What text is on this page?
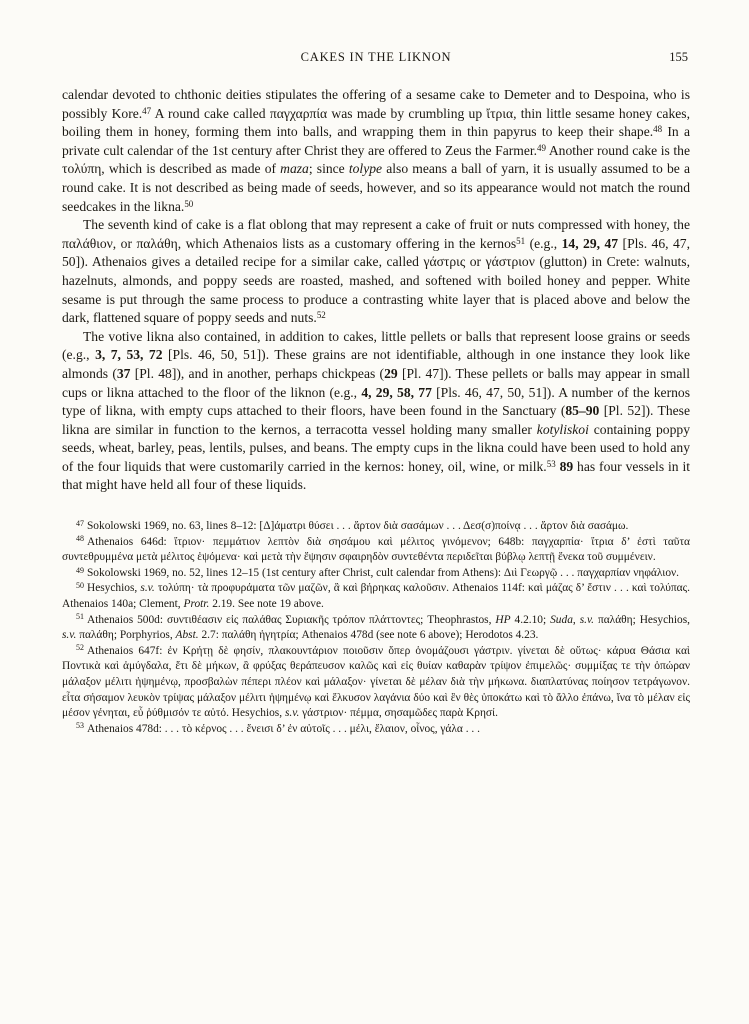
CAKES IN THE LIKNON	155

calendar devoted to chthonic deities stipulates the offering of a sesame cake to Demeter and to Despoina, who is possibly Kore.$^{47}$ A round cake called παγχαρπία was made by crumbling up ἴτρια, thin little sesame honey cakes, boiling them in honey, forming them into balls, and wrapping them in thin papyrus to keep their shape.$^{48}$ In a private cult calendar of the 1st century after Christ they are offered to Zeus the Farmer.$^{49}$ Another round cake is the τολύπη, which is described as made of maza; since tolype also means a ball of yarn, it is usually assumed to be a round cake. It is not described as being made of seeds, however, and so its appearance would not match the round seedcakes in the likna.$^{50}$

The seventh kind of cake is a flat oblong that may represent a cake of fruit or nuts compressed with honey, the παλάθιον, or παλάθη, which Athenaios lists as a customary offering in the kernos$^{51}$ (e.g., 14, 29, 47 [Pls. 46, 47, 50]). Athenaios gives a detailed recipe for a similar cake, called γάστρις or γάστριον (glutton) in Crete: walnuts, hazelnuts, almonds, and poppy seeds are roasted, mashed, and softened with boiled honey and pepper. White sesame is put through the same process to produce a contrasting white layer that is placed above and below the dark, flattened square of poppy seeds and nuts.$^{52}$

The votive likna also contained, in addition to cakes, little pellets or balls that represent loose grains or seeds (e.g., 3, 7, 53, 72 [Pls. 46, 50, 51]). These grains are not identifiable, although in one instance they look like almonds (37 [Pl. 48]), and in another, perhaps chickpeas (29 [Pl. 47]). These pellets or balls may appear in small cups or likna attached to the floor of the liknon (e.g., 4, 29, 58, 77 [Pls. 46, 47, 50, 51]). A number of the kernos type of likna, with empty cups attached to their floors, have been found in the Sanctuary (85–90 [Pl. 52]). These likna are similar in function to the kernos, a terracotta vessel holding many smaller kotyliskoi containing poppy seeds, wheat, barley, peas, lentils, pulses, and beans. The empty cups in the likna could have been used to hold any of the four liquids that were customarily carried in the kernos: honey, oil, wine, or milk.$^{53}$ 89 has four vessels in it that might have held all four of these liquids.

$^{47}$ Sokolowski 1969, no. 63, lines 8–12: [Δ]άματρι θύσει . . . ἄρτον διὰ σασάμων . . . Δεσ(σ)ποίνᾳ . . . ἄρτον διὰ σασάμω.

$^{48}$ Athenaios 646d: ἴτριον· πεμμάτιον λεπτὸν διὰ σησάμου καὶ μέλιτος γινόμενον; 648b: παγχαρπία· ἴτρια δ’ ἐστὶ ταῦτα συντεθρυμμένα μετὰ μέλιτος ἑψόμενα· καὶ μετὰ τὴν ἕψησιν σφαιρηδὸν συντεθέντα περιδεῖται βύβλῳ λεπτῇ ἕνεκα τοῦ συμμένειν.

$^{49}$ Sokolowski 1969, no. 52, lines 12–15 (1st century after Christ, cult calendar from Athens): Διὶ Γεωργῷ . . . παγχαρπίαν νηφάλιον.

$^{50}$ Hesychios, s.v. τολύπη· τὰ προφυράματα τῶν μαζῶν, ἃ καὶ βήρηκας καλοῦσιν. Athenaios 114f: καὶ μάζας δ’ ἔστιν . . . καὶ τολύπας. Athenaios 140a; Clement, Protr. 2.19. See note 19 above.

$^{51}$ Athenaios 500d: συντιθέασιν εἰς παλάθας Συριακῆς τρόπον πλάττοντες; Theophrastos, HP 4.2.10; Suda, s.v. παλάθη; Hesychios, s.v. παλάθη; Porphyrios, Abst. 2.7: παλάθη ἠγητρία; Athenaios 478d (see note 6 above); Herodotos 4.23.

$^{52}$ Athenaios 647f: ἐν Κρήτῃ δὲ φησίν, πλακουντάριον ποιοῦσιν ὅπερ ὀνομάζουσι γάστριν. γίνεται δὲ οὕτως· κάρυα Θάσια καὶ Ποντικὰ καὶ ἀμύγδαλα, ἔτι δὲ μήκων, ἃ φρύξας θεράπευσον καλῶς καὶ εἰς θυίαν καθαρὰν τρίψον ἐπιμελῶς· συμμίξας τε τὴν ὀπώραν μάλαξον μέλιτι ἡψημένῳ, προσβαλὼν πέπερι πλέον καὶ μάλαξον· γίνεται δὲ μέλαν διὰ τὴν μήκωνα. διαπλατύνας ποίησον τετράγωνον. εἶτα σήσαμον λευκὸν τρίψας μάλαξον μέλιτι ἡψημένῳ καὶ ἕλκυσον λαγάνια δύο καὶ ἓν θὲς ὑποκάτω καὶ τὸ ἄλλο ἐπάνω, ἵνα τὸ μέλαν εἰς μέσον γένηται, εὖ ῥύθμισόν τε αὐτό. Hesychios, s.v. γάστριον· πέμμα, σησαμῶδες παρὰ Κρησί.

$^{53}$ Athenaios 478d: . . . τὸ κέρνος . . . ἔνεισι δ’ ἐν αὐτοῖς . . . μέλι, ἔλαιον, οἶνος, γάλα . . .
